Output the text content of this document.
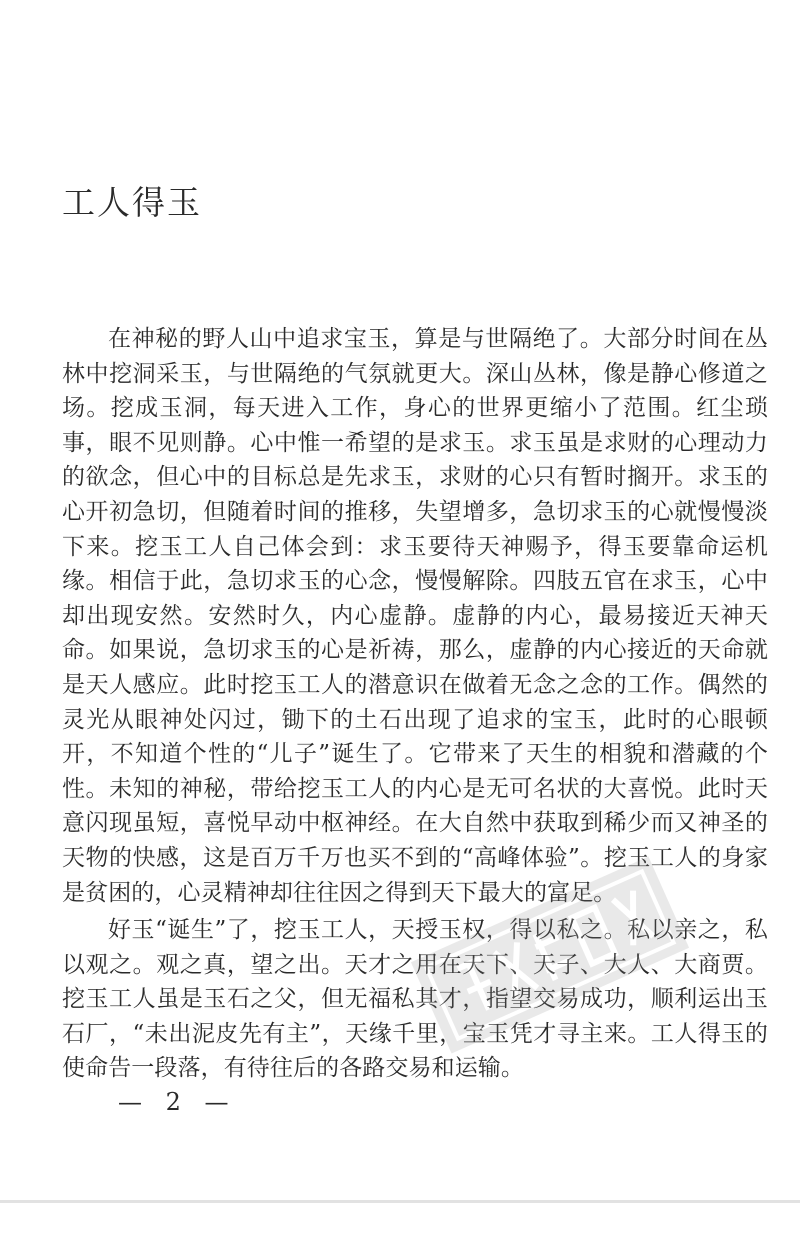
工人得玉

在神秘的野人山中追求宝玉，算是与世隔绝了。大部分时间在丛林中挖洞采玉，与世隔绝的气氛就更大。深山丛林，像是静心修道之场。挖成玉洞，每天进入工作，身心的世界更缩小了范围。红尘琐事，眼不见则静。心中惟一希望的是求玉。求玉虽是求财的心理动力的欲念，但心中的目标总是先求玉，求财的心只有暂时搁开。求玉的心开初急切，但随着时间的推移，失望增多，急切求玉的心就慢慢淡下来。挖玉工人自己体会到：求玉要待天神赐予，得玉要靠命运机缘。相信于此，急切求玉的心念，慢慢解除。四肢五官在求玉，心中却出现安然。安然时久，内心虚静。虚静的内心，最易接近天神天命。如果说，急切求玉的心是祈祷，那么，虚静的内心接近的天命就是天人感应。此时挖玉工人的潜意识在做着无念之念的工作。偶然的灵光从眼神处闪过，锄下的土石出现了追求的宝玉，此时的心眼顿开，不知道个性的“儿子”诞生了。它带来了天生的相貌和潜藏的个性。未知的神秘，带给挖玉工人的内心是无可名状的大喜悦。此时天意闪现虽短，喜悦早动中枢神经。在大自然中获取到稀少而又神圣的天物的快感，这是百万千万也买不到的“高峰体验”。挖玉工人的身家是贫困的，心灵精神却往往因之得到天下最大的富足。

好玉“诞生”了，挖玉工人，天授玉权，得以私之。私以亲之，私以观之。观之真，望之出。天才之用在天下、天子、大人、大商贾。挖玉工人虽是玉石之父，但无福私其才，指望交易成功，顺利运出玉石厂，“未出泥皮先有主”，天缘千里，宝玉凭才寻主来。工人得玉的使命告一段落，有待往后的各路交易和运输。

— 2 —
